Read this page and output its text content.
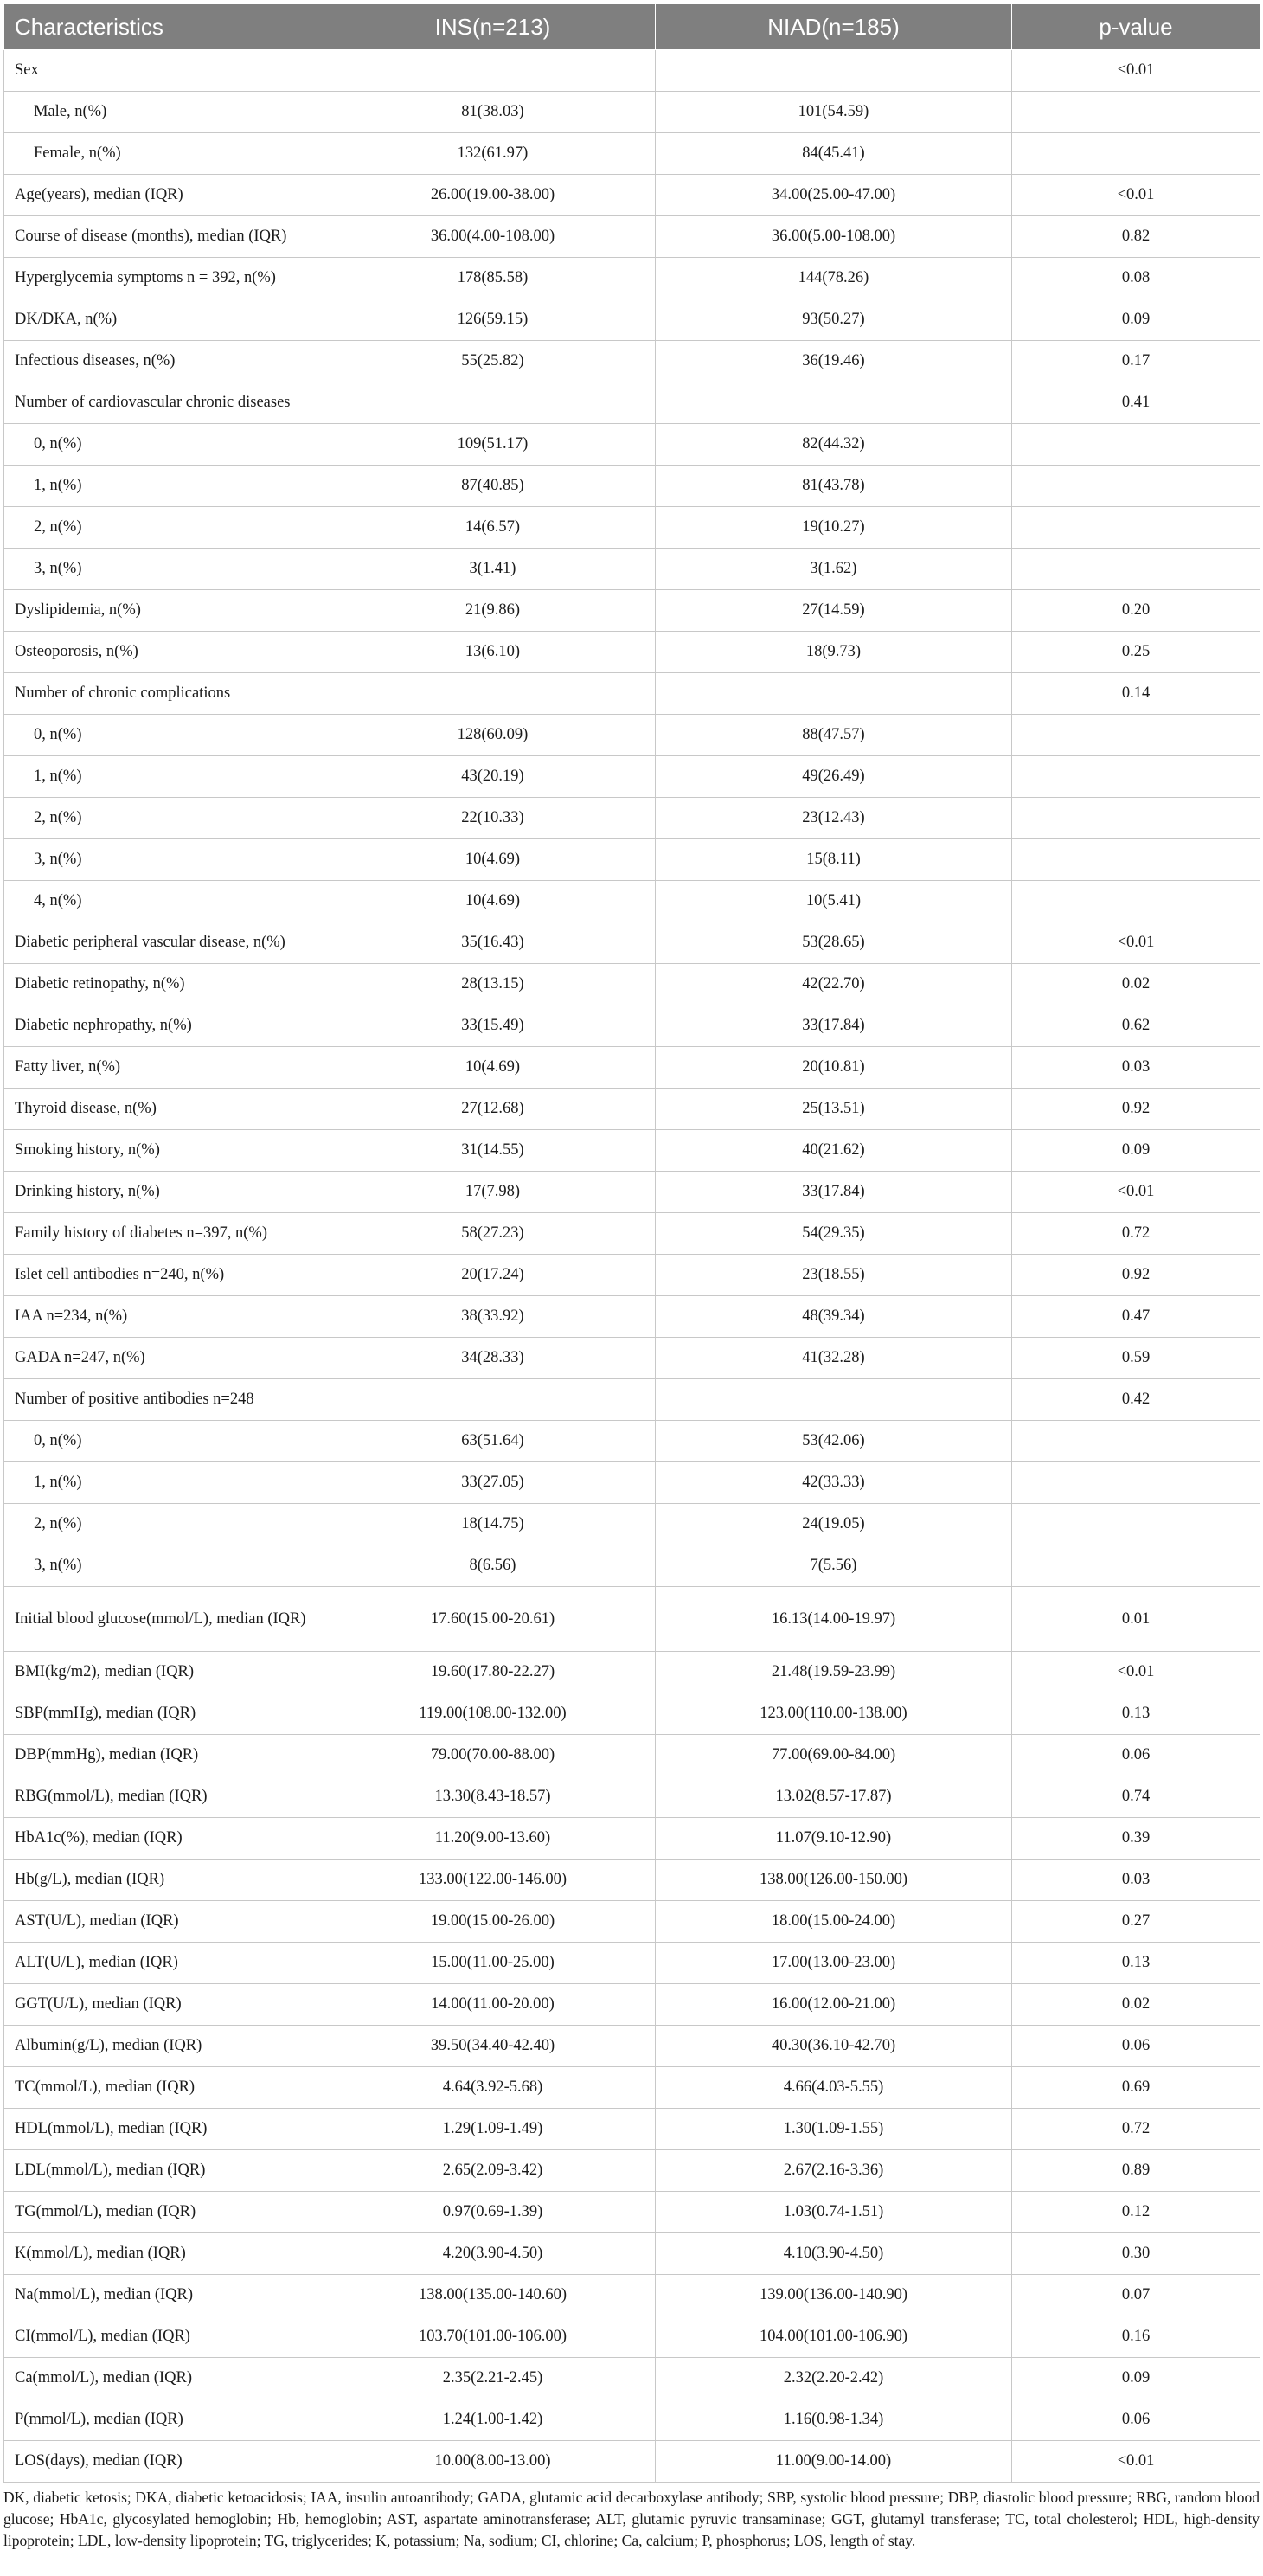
Characteristics	INS(n=213)	NIAD(n=185)	p-value
Sex			<0.01
Male, n(%)	81(38.03)	101(54.59)	
Female, n(%)	132(61.97)	84(45.41)	
Age(years), median (IQR)	26.00(19.00-38.00)	34.00(25.00-47.00)	<0.01
Course of disease (months), median (IQR)	36.00(4.00-108.00)	36.00(5.00-108.00)	0.82
Hyperglycemia symptoms n = 392, n(%)	178(85.58)	144(78.26)	0.08
DK/DKA, n(%)	126(59.15)	93(50.27)	0.09
Infectious diseases, n(%)	55(25.82)	36(19.46)	0.17
Number of cardiovascular chronic diseases			0.41
0, n(%)	109(51.17)	82(44.32)	
1, n(%)	87(40.85)	81(43.78)	
2, n(%)	14(6.57)	19(10.27)	
3, n(%)	3(1.41)	3(1.62)	
Dyslipidemia, n(%)	21(9.86)	27(14.59)	0.20
Osteoporosis, n(%)	13(6.10)	18(9.73)	0.25
Number of chronic complications			0.14
0, n(%)	128(60.09)	88(47.57)	
1, n(%)	43(20.19)	49(26.49)	
2, n(%)	22(10.33)	23(12.43)	
3, n(%)	10(4.69)	15(8.11)	
4, n(%)	10(4.69)	10(5.41)	
Diabetic peripheral vascular disease, n(%)	35(16.43)	53(28.65)	<0.01
Diabetic retinopathy, n(%)	28(13.15)	42(22.70)	0.02
Diabetic nephropathy, n(%)	33(15.49)	33(17.84)	0.62
Fatty liver, n(%)	10(4.69)	20(10.81)	0.03
Thyroid disease, n(%)	27(12.68)	25(13.51)	0.92
Smoking history, n(%)	31(14.55)	40(21.62)	0.09
Drinking history, n(%)	17(7.98)	33(17.84)	<0.01
Family history of diabetes n=397, n(%)	58(27.23)	54(29.35)	0.72
Islet cell antibodies n=240, n(%)	20(17.24)	23(18.55)	0.92
IAA n=234, n(%)	38(33.92)	48(39.34)	0.47
GADA n=247, n(%)	34(28.33)	41(32.28)	0.59
Number of positive antibodies n=248			0.42
0, n(%)	63(51.64)	53(42.06)	
1, n(%)	33(27.05)	42(33.33)	
2, n(%)	18(14.75)	24(19.05)	
3, n(%)	8(6.56)	7(5.56)	
Initial blood glucose(mmol/L), median (IQR)	17.60(15.00-20.61)	16.13(14.00-19.97)	0.01
BMI(kg/m2), median (IQR)	19.60(17.80-22.27)	21.48(19.59-23.99)	<0.01
SBP(mmHg), median (IQR)	119.00(108.00-132.00)	123.00(110.00-138.00)	0.13
DBP(mmHg), median (IQR)	79.00(70.00-88.00)	77.00(69.00-84.00)	0.06
RBG(mmol/L), median (IQR)	13.30(8.43-18.57)	13.02(8.57-17.87)	0.74
HbA1c(%), median (IQR)	11.20(9.00-13.60)	11.07(9.10-12.90)	0.39
Hb(g/L), median (IQR)	133.00(122.00-146.00)	138.00(126.00-150.00)	0.03
AST(U/L), median (IQR)	19.00(15.00-26.00)	18.00(15.00-24.00)	0.27
ALT(U/L), median (IQR)	15.00(11.00-25.00)	17.00(13.00-23.00)	0.13
GGT(U/L), median (IQR)	14.00(11.00-20.00)	16.00(12.00-21.00)	0.02
Albumin(g/L), median (IQR)	39.50(34.40-42.40)	40.30(36.10-42.70)	0.06
TC(mmol/L), median (IQR)	4.64(3.92-5.68)	4.66(4.03-5.55)	0.69
HDL(mmol/L), median (IQR)	1.29(1.09-1.49)	1.30(1.09-1.55)	0.72
LDL(mmol/L), median (IQR)	2.65(2.09-3.42)	2.67(2.16-3.36)	0.89
TG(mmol/L), median (IQR)	0.97(0.69-1.39)	1.03(0.74-1.51)	0.12
K(mmol/L), median (IQR)	4.20(3.90-4.50)	4.10(3.90-4.50)	0.30
Na(mmol/L), median (IQR)	138.00(135.00-140.60)	139.00(136.00-140.90)	0.07
CI(mmol/L), median (IQR)	103.70(101.00-106.00)	104.00(101.00-106.90)	0.16
Ca(mmol/L), median (IQR)	2.35(2.21-2.45)	2.32(2.20-2.42)	0.09
P(mmol/L), median (IQR)	1.24(1.00-1.42)	1.16(0.98-1.34)	0.06
LOS(days), median (IQR)	10.00(8.00-13.00)	11.00(9.00-14.00)	<0.01
DK, diabetic ketosis; DKA, diabetic ketoacidosis; IAA, insulin autoantibody; GADA, glutamic acid decarboxylase antibody; SBP, systolic blood pressure; DBP, diastolic blood pressure; RBG, random blood glucose; HbA1c, glycosylated hemoglobin; Hb, hemoglobin; AST, aspartate aminotransferase; ALT, glutamic pyruvic transaminase; GGT, glutamyl transferase; TC, total cholesterol; HDL, high-density lipoprotein; LDL, low-density lipoprotein; TG, triglycerides; K, potassium; Na, sodium; CI, chlorine; Ca, calcium; P, phosphorus; LOS, length of stay.
